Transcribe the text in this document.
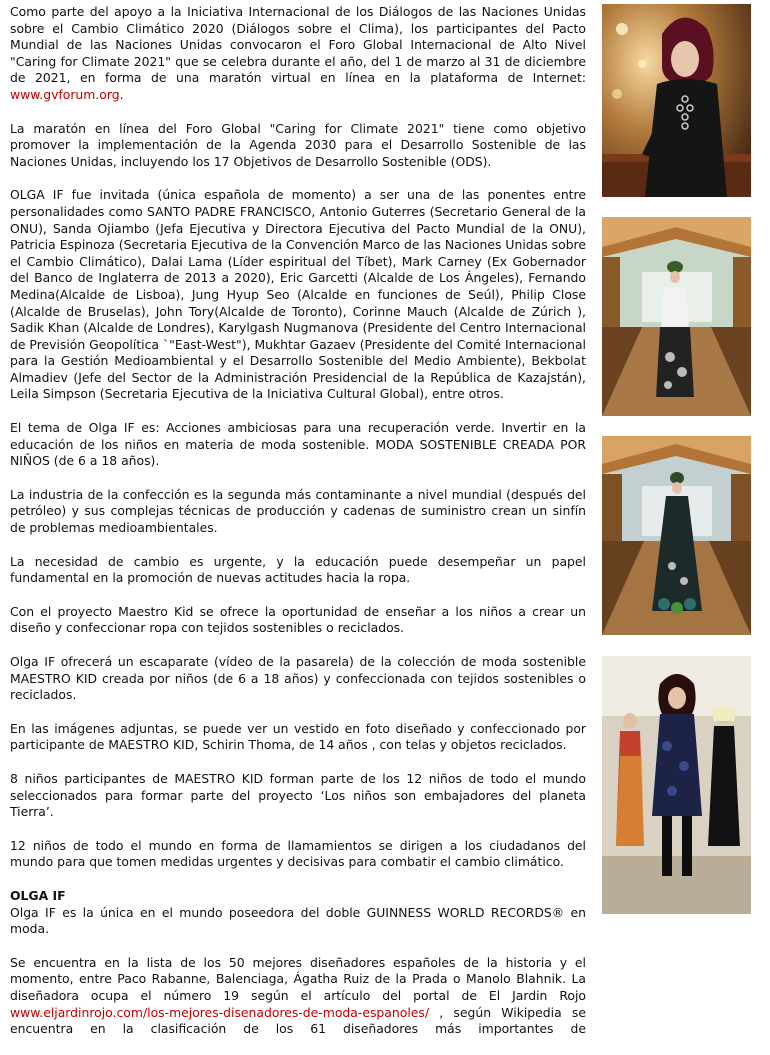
Como parte del apoyo a la Iniciativa Internacional de los Diálogos de las Naciones Unidas sobre el Cambio Climático 2020 (Diálogos sobre el Clima), los participantes del Pacto Mundial de las Naciones Unidas convocaron el Foro Global Internacional de Alto Nivel "Caring for Climate 2021" que se celebra durante el año, del 1 de marzo al 31 de diciembre de 2021, en forma de una maratón virtual en línea en la plataforma de Internet: www.gvforum.org.

La maratón en línea del Foro Global "Caring for Climate 2021" tiene como objetivo promover la implementación de la Agenda 2030 para el Desarrollo Sostenible de las Naciones Unidas, incluyendo los 17 Objetivos de Desarrollo Sostenible (ODS).

OLGA IF fue invitada (única española de momento) a ser una de las ponentes entre personalidades como SANTO PADRE FRANCISCO, Antonio Guterres (Secretario General de la ONU), Sanda Ojiambo (Jefa Ejecutiva y Directora Ejecutiva del Pacto Mundial de la ONU), Patricia Espinoza (Secretaria Ejecutiva de la Convención Marco de las Naciones Unidas sobre el Cambio Climático), Dalai Lama (Líder espiritual del Tíbet), Mark Carney (Ex Gobernador del Banco de Inglaterra de 2013 a 2020), Eric Garcetti (Alcalde de Los Ángeles), Fernando Medina(Alcalde de Lisboa), Jung Hyup Seo (Alcalde en funciones de Seúl), Philip Close (Alcalde de Bruselas), John Tory(Alcalde de Toronto), Corinne Mauch (Alcalde de Zúrich ), Sadik Khan (Alcalde de Londres), Karylgash Nugmanova (Presidente del Centro Internacional de Previsión Geopolítica `"East-West"), Mukhtar Gazaev (Presidente del Comité Internacional para la Gestión Medioambiental y el Desarrollo Sostenible del Medio Ambiente), Bekbolat Almadiev (Jefe del Sector de la Administración Presidencial de la República de Kazajstán), Leila Simpson (Secretaria Ejecutiva de la Iniciativa Cultural Global), entre otros.

El tema de Olga IF es: Acciones ambiciosas para una recuperación verde. Invertir en la educación de los niños en materia de moda sostenible. MODA SOSTENIBLE CREADA POR NIÑOS (de 6 a 18 años).

La industria de la confección es la segunda más contaminante a nivel mundial (después del petróleo) y sus complejas técnicas de producción y cadenas de suministro crean un sinfín de problemas medioambientales.

La necesidad de cambio es urgente, y la educación puede desempeñar un papel fundamental en la promoción de nuevas actitudes hacia la ropa.

Con el proyecto Maestro Kid se ofrece la oportunidad de enseñar a los niños a crear un diseño y confeccionar ropa con tejidos sostenibles o reciclados.

Olga IF ofrecerá un escaparate (vídeo de la pasarela) de la colección de moda sostenible MAESTRO KID creada por niños (de 6 a 18 años) y confeccionada con tejidos sostenibles o reciclados.

En las imágenes adjuntas, se puede ver un vestido en foto diseñado y confeccionado por participante de MAESTRO KID, Schirin Thoma, de 14 años , con telas y objetos reciclados.

8 niños participantes de MAESTRO KID forman parte de los 12 niños de todo el mundo seleccionados para formar parte del proyecto ‘Los niños son embajadores del planeta Tierra’.

12 niños de todo el mundo en forma de llamamientos se dirigen a los ciudadanos del mundo para que tomen medidas urgentes y decisivas para combatir el cambio climático.

OLGA IF

Olga IF es la única en el mundo poseedora del doble GUINNESS WORLD RECORDS® en moda.

Se encuentra en la lista de los 50 mejores diseñadores españoles de la historia y el momento, entre Paco Rabanne, Balenciaga, Ágatha Ruiz de la Prada o Manolo Blahnik. La diseñadora ocupa el número 19 según el artículo del portal de El Jardin Rojo www.eljardinrojo.com/los-mejores-disenadores-de-moda-espanoles/ , según Wikipedia se encuentra en la clasificación de los 61 diseñadores más importantes de
